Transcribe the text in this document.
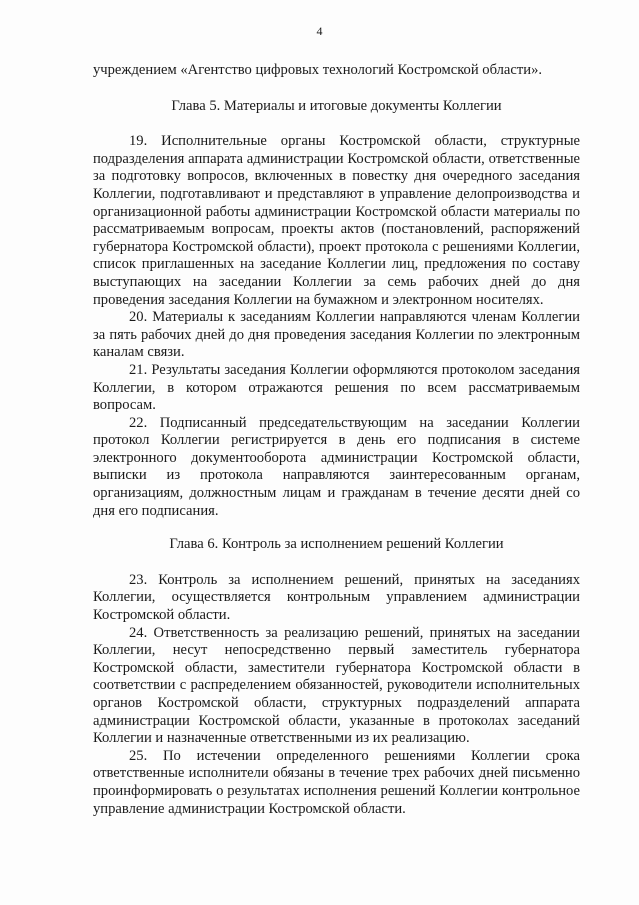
4

учреждением «Агентство цифровых технологий Костромской области».

Глава 5. Материалы и итоговые документы Коллегии

19. Исполнительные органы Костромской области, структурные подразделения аппарата администрации Костромской области, ответственные за подготовку вопросов, включенных в повестку дня очередного заседания Коллегии, подготавливают и представляют в управление делопроизводства и организационной работы администрации Костромской области материалы по рассматриваемым вопросам, проекты актов (постановлений, распоряжений губернатора Костромской области), проект протокола с решениями Коллегии, список приглашенных на заседание Коллегии лиц, предложения по составу выступающих на заседании Коллегии за семь рабочих дней до дня проведения заседания Коллегии на бумажном и электронном носителях.

20. Материалы к заседаниям Коллегии направляются членам Коллегии за пять рабочих дней до дня проведения заседания Коллегии по электронным каналам связи.

21. Результаты заседания Коллегии оформляются протоколом заседания Коллегии, в котором отражаются решения по всем рассматриваемым вопросам.

22. Подписанный председательствующим на заседании Коллегии протокол Коллегии регистрируется в день его подписания в системе электронного документооборота администрации Костромской области, выписки из протокола направляются заинтересованным органам, организациям, должностным лицам и гражданам в течение десяти дней со дня его подписания.

Глава 6. Контроль за исполнением решений Коллегии

23. Контроль за исполнением решений, принятых на заседаниях Коллегии, осуществляется контрольным управлением администрации Костромской области.

24. Ответственность за реализацию решений, принятых на заседании Коллегии, несут непосредственно первый заместитель губернатора Костромской области, заместители губернатора Костромской области в соответствии с распределением обязанностей, руководители исполнительных органов Костромской области, структурных подразделений аппарата администрации Костромской области, указанные в протоколах заседаний Коллегии и назначенные ответственными из их реализацию.

25. По истечении определенного решениями Коллегии срока ответственные исполнители обязаны в течение трех рабочих дней письменно проинформировать о результатах исполнения решений Коллегии контрольное управление администрации Костромской области.
